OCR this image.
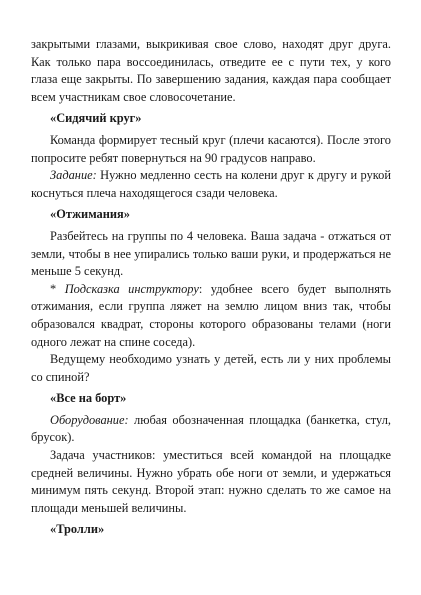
закрытыми глазами, выкрикивая свое слово, находят друг друга. Как только пара воссоединилась, отведите ее с пути тех, у кого глаза еще закрыты. По завершению задания, каждая пара сообщает всем участникам свое словосочетание.

«Сидячий круг»

Команда формирует тесный круг (плечи касаются). После этого попросите ребят повернуться на 90 градусов направо.

Задание: Нужно медленно сесть на колени друг к другу и рукой коснуться плеча находящегося сзади человека.

«Отжимания»

Разбейтесь на группы по 4 человека. Ваша задача - отжаться от земли, чтобы в нее упирались только ваши руки, и продержаться не меньше 5 секунд.

* Подсказка инструктору: удобнее всего будет выполнять отжимания, если группа ляжет на землю лицом вниз так, чтобы образовался квадрат, стороны которого образованы телами (ноги одного лежат на спине соседа).

Ведущему необходимо узнать у детей, есть ли у них проблемы со спиной?

«Все на борт»

Оборудование: любая обозначенная площадка (банкетка, стул, брусок).

Задача участников: уместиться всей командой на площадке средней величины. Нужно убрать обе ноги от земли, и удержаться минимум пять секунд. Второй этап: нужно сделать то же самое на площади меньшей величины.

«Тролли»
